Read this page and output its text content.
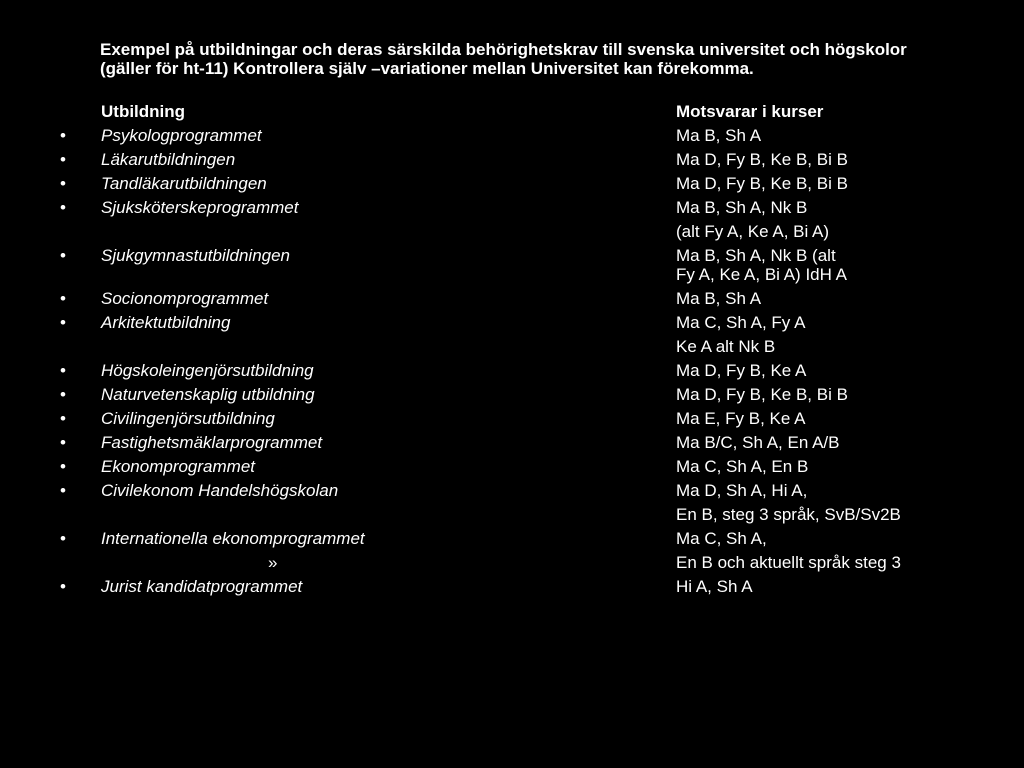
Exempel på utbildningar och deras särskilda behörighetskrav till svenska universitet och högskolor (gäller för ht-11) Kontrollera själv –variationer mellan Universitet kan förekomma.
Utbildning	Motsvarar i kurser
• Psykologprogrammet	Ma B, Sh A
• Läkarutbildningen	Ma D, Fy B, Ke B, Bi B
• Tandläkarutbildningen	Ma D, Fy B, Ke B, Bi B
• Sjuksköterskeprogrammet	Ma B, Sh A, Nk B
(alt Fy A, Ke A, Bi A)
• Sjukgymnastutbildningen	Ma B, Sh A, Nk B (alt
Fy A, Ke A, Bi A) IdH A
• Socionomprogrammet	Ma B, Sh A
• Arkitektutbildning	Ma C, Sh A, Fy A
Ke A alt Nk B
• Högskoleingenjörsutbildning	Ma D, Fy B, Ke A
• Naturvetenskaplig utbildning	Ma D, Fy B, Ke B, Bi B
• Civilingenjörsutbildning	Ma E, Fy B, Ke A
• Fastighetsmäklarprogrammet	Ma B/C, Sh A, En A/B
• Ekonomprogrammet	Ma C, Sh A, En B
• Civilekonom Handelshögskolan	Ma D, Sh A, Hi A,
En B, steg 3 språk, SvB/Sv2B
• Internationella ekonomprogrammet	Ma C, Sh A,
»	En B och aktuellt språk steg 3
• Jurist kandidatprogrammet	Hi A, Sh A
